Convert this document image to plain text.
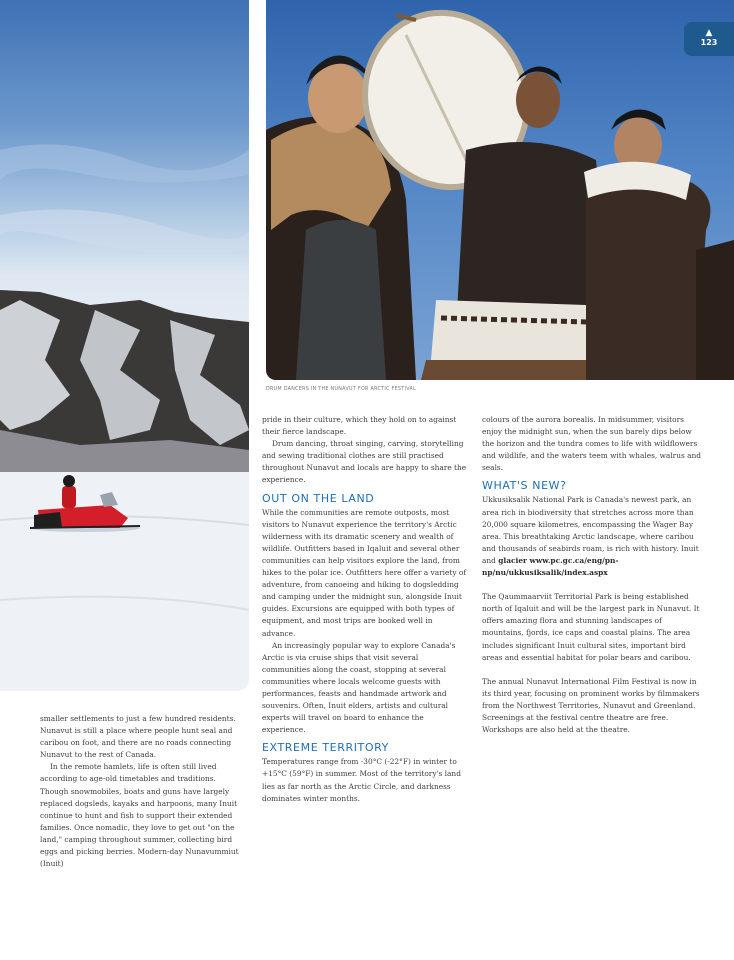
▲
123
DRUM DANCERS IN THE NUNAVUT FOR ARCTIC FESTIVAL

smaller settlements to just a few hundred residents. Nunavut is still a place where people hunt seal and caribou on foot, and there are no roads connecting Nunavut to the rest of Canada.

In the remote hamlets, life is often still lived according to age-old timetables and traditions. Though snowmobiles, boats and guns have largely replaced dogsleds, kayaks and harpoons, many Inuit continue to hunt and fish to support their extended families. Once nomadic, they love to get out "on the land," camping throughout summer, collecting bird eggs and picking berries. Modern-day Nunavummiut (Inuit)

pride in their culture, which they hold on to against their fierce landscape.

Drum dancing, throat singing, carving, storytelling and sewing traditional clothes are still practised throughout Nunavut and locals are happy to share the experience.

OUT ON THE LAND

While the communities are remote outposts, most visitors to Nunavut experience the territory's Arctic wilderness with its dramatic scenery and wealth of wildlife. Outfitters based in Iqaluit and several other communities can help visitors explore the land, from hikes to the polar ice. Outfitters here offer a variety of adventure, from canoeing and hiking to dogsledding and camping under the midnight sun, alongside Inuit guides. Excursions are equipped with both types of equipment, and most trips are booked well in advance.

An increasingly popular way to explore Canada's Arctic is via cruise ships that visit several communities along the coast, stopping at several communities where locals welcome guests with performances, feasts and handmade artwork and souvenirs. Often, Inuit elders, artists and cultural experts will travel on board to enhance the experience.

EXTREME TERRITORY

Temperatures range from -30°C (-22°F) in winter to +15°C (59°F) in summer. Most of the territory's land lies as far north as the Arctic Circle, and darkness dominates winter months.

colours of the aurora borealis. In midsummer, visitors enjoy the midnight sun, when the sun barely dips below the horizon and the tundra comes to life with wildflowers and wildlife, and the waters teem with whales, walrus and seals.

WHAT'S NEW?

Ukkusiksalik National Park is Canada's newest park, an area rich in biodiversity that stretches across more than 20,000 square kilometres, encompassing the Wager Bay area. This breathtaking Arctic landscape, where caribou and thousands of seabirds roam, is rich with history. Inuit and glacier www.pc.gc.ca/eng/pn-np/nu/ukkusiksalik/index.aspx

The Qaummaarviit Territorial Park is being established north of Iqaluit and will be the largest park in Nunavut. It offers amazing flora and stunning landscapes of mountains, fjords, ice caps and coastal plains. The area includes significant Inuit cultural sites, important bird areas and essential habitat for polar bears and caribou.

The annual Nunavut International Film Festival is now in its third year, focusing on prominent works by filmmakers from the Northwest Territories, Nunavut and Greenland. Screenings at the festival centre theatre are free. Workshops are also held at the theatre.
